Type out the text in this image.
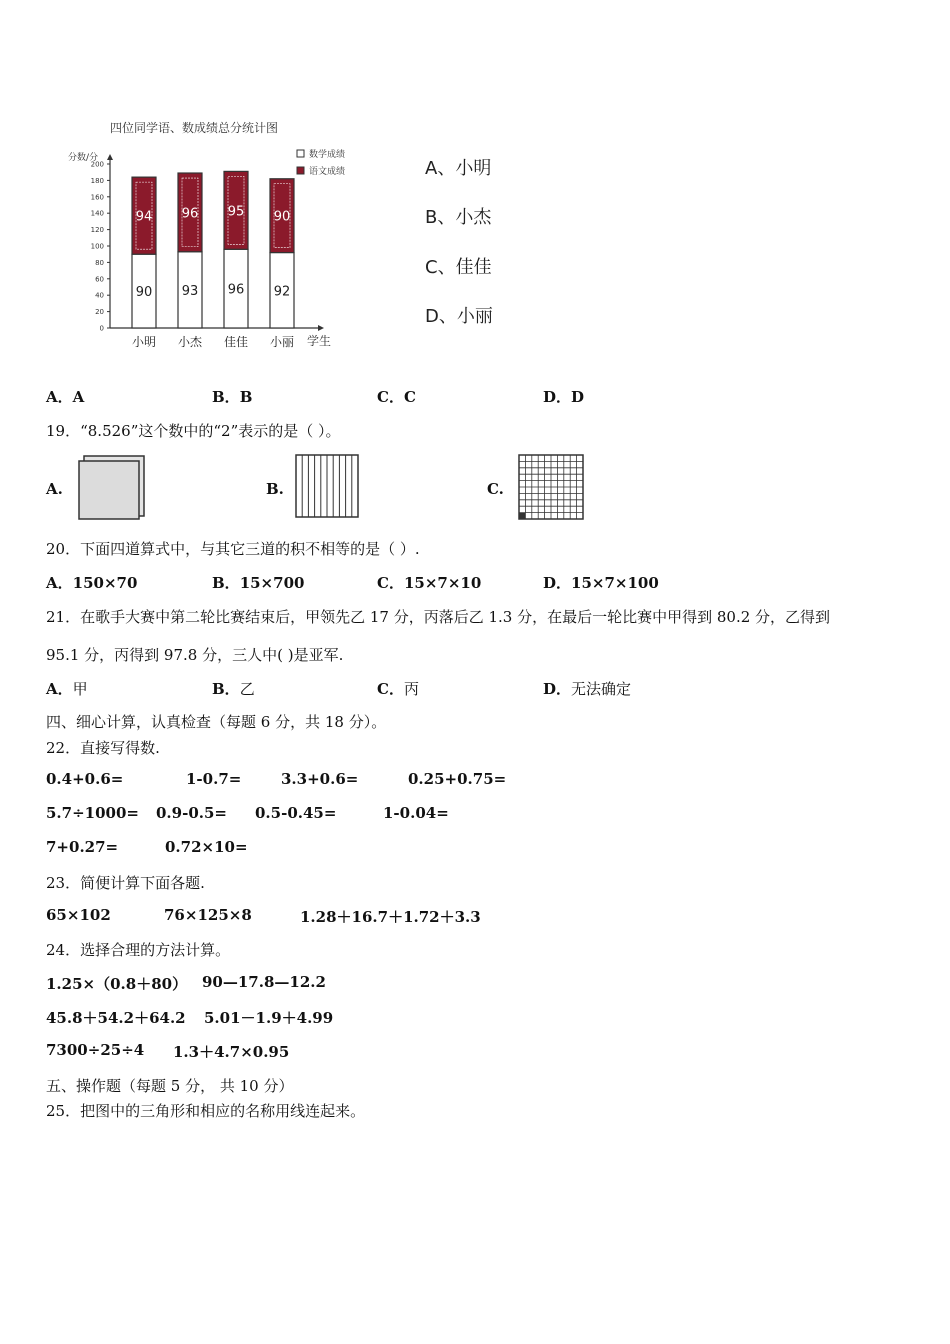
四位同学语、数成绩总分统计图
分数/分
学生
0
20
40
60
80
100
120
140
160
180
200
90
94
93
96
96
95
92
90
小明 小杰 佳佳 小丽
数学成绩
语文成绩	A、小明
B、小杰
C、佳佳
D、小丽
A．A	B．B	C．C	D．D
19．“8.526”这个数中的“2”表示的是（ ）。
A.	B.	C.
20．下面四道算式中，与其它三道的积不相等的是（ ）.
A．150×70	B．15×700	C．15×7×10	D．15×7×100
21．在歌手大赛中第二轮比赛结束后，甲领先乙 17 分，丙落后乙 1.3 分，在最后一轮比赛中甲得到 80.2 分，乙得到
95.1 分，丙得到 97.8 分，三人中( )是亚军.
A．甲	B．乙	C．丙	D．无法确定
四、细心计算，认真检查（每题 6 分，共 18 分）。
22．直接写得数.
0.4+0.6=	1-0.7=	3.3+0.6=	0.25+0.75=
5.7÷1000= 0.9-0.5= 0.5-0.45=	1-0.04=
7+0.27=	0.72×10=
23．简便计算下面各题.
65×102	76×125×8	1.28＋16.7＋1.72＋3.3
24．选择合理的方法计算。
1.25×（0.8＋80） 90—17.8—12.2
45.8＋54.2＋64.2 5.01－1.9＋4.99
7300÷25÷4 1.3＋4.7×0.95
五、操作题（每题 5 分， 共 10 分）
25．把图中的三角形和相应的名称用线连起来。
